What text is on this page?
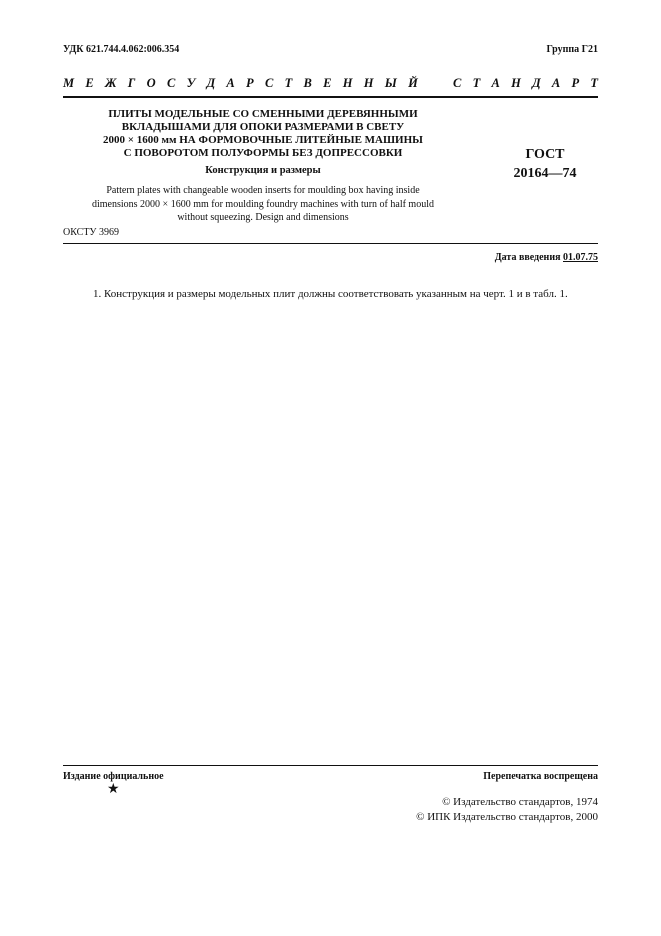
УДК 621.744.4.062:006.354	Группа Г21
М Е Ж Г О С У Д А Р С Т В Е Н Н Ы Й	С Т А Н Д А Р Т
ПЛИТЫ МОДЕЛЬНЫЕ СО СМЕННЫМИ ДЕРЕВЯННЫМИ
ВКЛАДЫШАМИ ДЛЯ ОПОКИ РАЗМЕРАМИ В СВЕТУ
2000 × 1600 мм НА ФОРМОВОЧНЫЕ ЛИТЕЙНЫЕ МАШИНЫ
С ПОВОРОТОМ ПОЛУФОРМЫ БЕЗ ДОПРЕССОВКИ
Конструкция и размеры
Pattern plates with changeable wooden inserts for moulding box having inside
dimensions 2000 × 1600 mm for moulding foundry machines with turn of half mould
without squeezing. Design and dimensions
ГОСТ
20164—74
ОКСТУ 3969
Дата введения 01.07.75
1. Конструкция и размеры модельных плит должны соответствовать указанным на черт. 1 и в табл. 1.
Издание официальное	Перепечатка воспрещена
★
© Издательство стандартов, 1974
© ИПК Издательство стандартов, 2000
